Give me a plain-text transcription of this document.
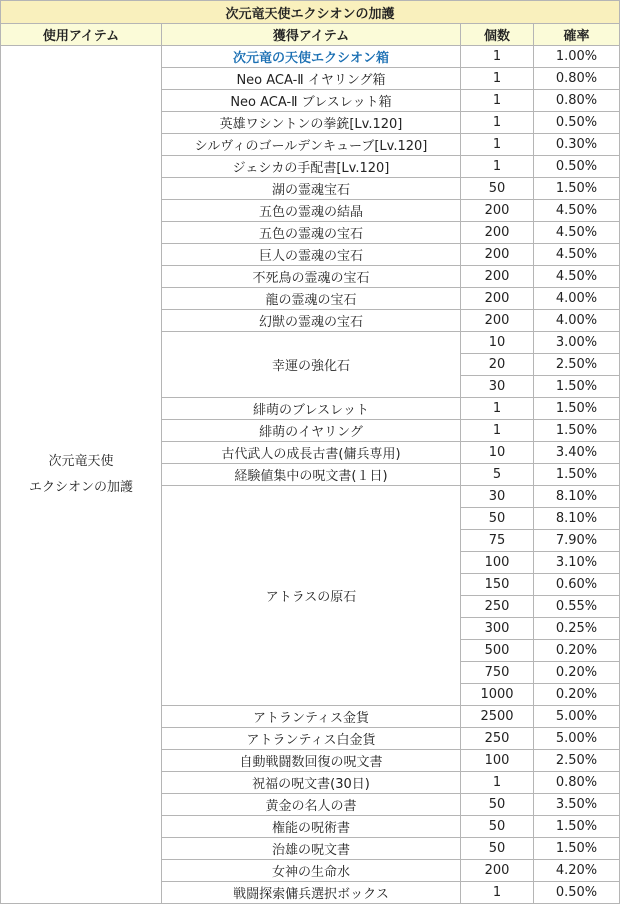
次元竜天使エクシオンの加護			
使用アイテム	獲得アイテム	個数	確率

次元竜天使
エクシオンの加護	次元竜の天使エクシオン箱	1	1.00%
	Neo ACA-Ⅱ イヤリング箱	1	0.80%
	Neo ACA-Ⅱ ブレスレット箱	1	0.80%
	英雄ワシントンの拳銃[Lv.120]	1	0.50%
	シルヴィのゴールデンキューブ[Lv.120]	1	0.30%
	ジェシカの手配書[Lv.120]	1	0.50%
	湖の霊魂宝石	50	1.50%
	五色の霊魂の結晶	200	4.50%
	五色の霊魂の宝石	200	4.50%
	巨人の霊魂の宝石	200	4.50%
	不死鳥の霊魂の宝石	200	4.50%
	龍の霊魂の宝石	200	4.00%
	幻獣の霊魂の宝石	200	4.00%
	幸運の強化石	10	3.00%
		20	2.50%
		30	1.50%
	緋萌のブレスレット	1	1.50%
	緋萌のイヤリング	1	1.50%
	古代武人の成長古書(傭兵専用)	10	3.40%
	経験値集中の呪文書(１日)	5	1.50%
	アトラスの原石	30	8.10%
		50	8.10%
		75	7.90%
		100	3.10%
		150	0.60%
		250	0.55%
		300	0.25%
		500	0.20%
		750	0.20%
		1000	0.20%
	アトランティス金貨	2500	5.00%
	アトランティス白金貨	250	5.00%
	自動戦闘数回復の呪文書	100	2.50%
	祝福の呪文書(30日)	1	0.80%
	黄金の名人の書	50	3.50%
	権能の呪術書	50	1.50%
	治雄の呪文書	50	1.50%
	女神の生命水	200	4.20%
	戦闘探索傭兵選択ボックス	1	0.50%
